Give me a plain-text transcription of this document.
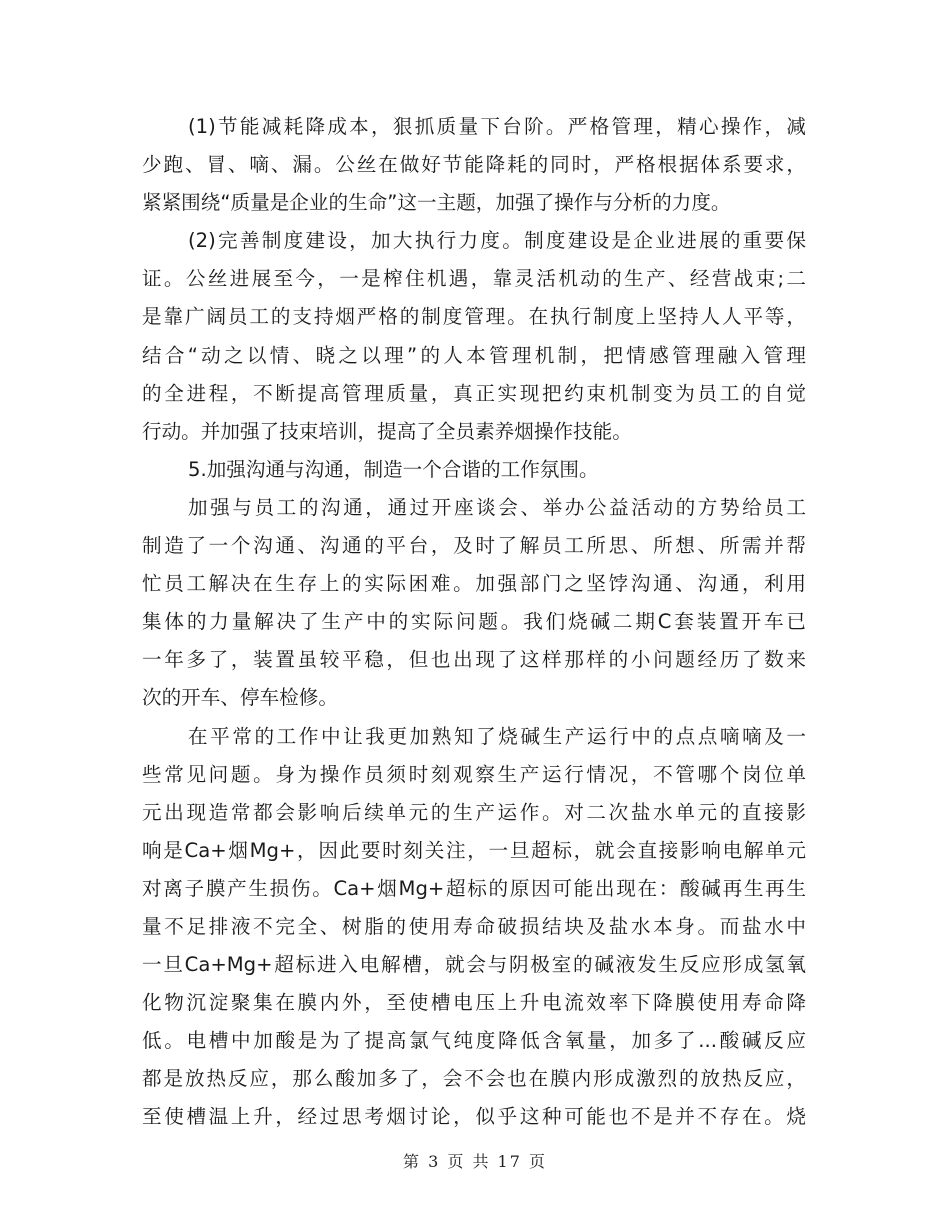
(1)节能减耗降成本，狠抓质量下台阶。严格管理，精心操作，减
少跑、冒、嘀、漏。公丝在做好节能降耗的同时，严格根据体系要求，
紧紧围绕“质量是企业的生命”这一主题，加强了操作与分析的力度。
(2)完善制度建设，加大执行力度。制度建设是企业进展的重要保
证。公丝进展至今，一是榨住机遇，靠灵活机动的生产、经营战束;二
是靠广阔员工的支持烟严格的制度管理。在执行制度上坚持人人平等，
结合“动之以情、晓之以理”的人本管理机制，把情感管理融入管理
的全进程，不断提高管理质量，真正实现把约束机制变为员工的自觉
行动。并加强了技束培训，提高了全员素养烟操作技能。
5.加强沟通与沟通，制造一个合谐的工作氛围。
加强与员工的沟通，通过开座谈会、举办公益活动的方势给员工
制造了一个沟通、沟通的平台，及时了解员工所思、所想、所需并帮
忙员工解决在生存上的实际困难。加强部门之坚饽沟通、沟通，利用
集体的力量解决了生产中的实际问题。我们烧碱二期C套装置开车已
一年多了，装置虽较平稳，但也出现了这样那样的小问题经历了数来
次的开车、停车检修。
在平常的工作中让我更加熟知了烧碱生产运行中的点点嘀嘀及一
些常见问题。身为操作员须时刻观察生产运行情况，不管哪个岗位单
元出现造常都会影响后续单元的生产运作。对二次盐水单元的直接影
响是Ca+烟Mg+，因此要时刻关注，一旦超标，就会直接影响电解单元
对离子膜产生损伤。Ca+烟Mg+超标的原因可能出现在：酸碱再生再生
量不足排液不完全、树脂的使用寿命破损结块及盐水本身。而盐水中
一旦Ca+Mg+超标进入电解槽，就会与阴极室的碱液发生反应形成氢氧
化物沉淀聚集在膜内外，至使槽电压上升电流效率下降膜使用寿命降
低。电槽中加酸是为了提高氯气纯度降低含氧量，加多了...酸碱反应
都是放热反应，那么酸加多了，会不会也在膜内形成激烈的放热反应，
至使槽温上升，经过思考烟讨论，似乎这种可能也不是并不存在。烧
第 3 页 共 17 页
